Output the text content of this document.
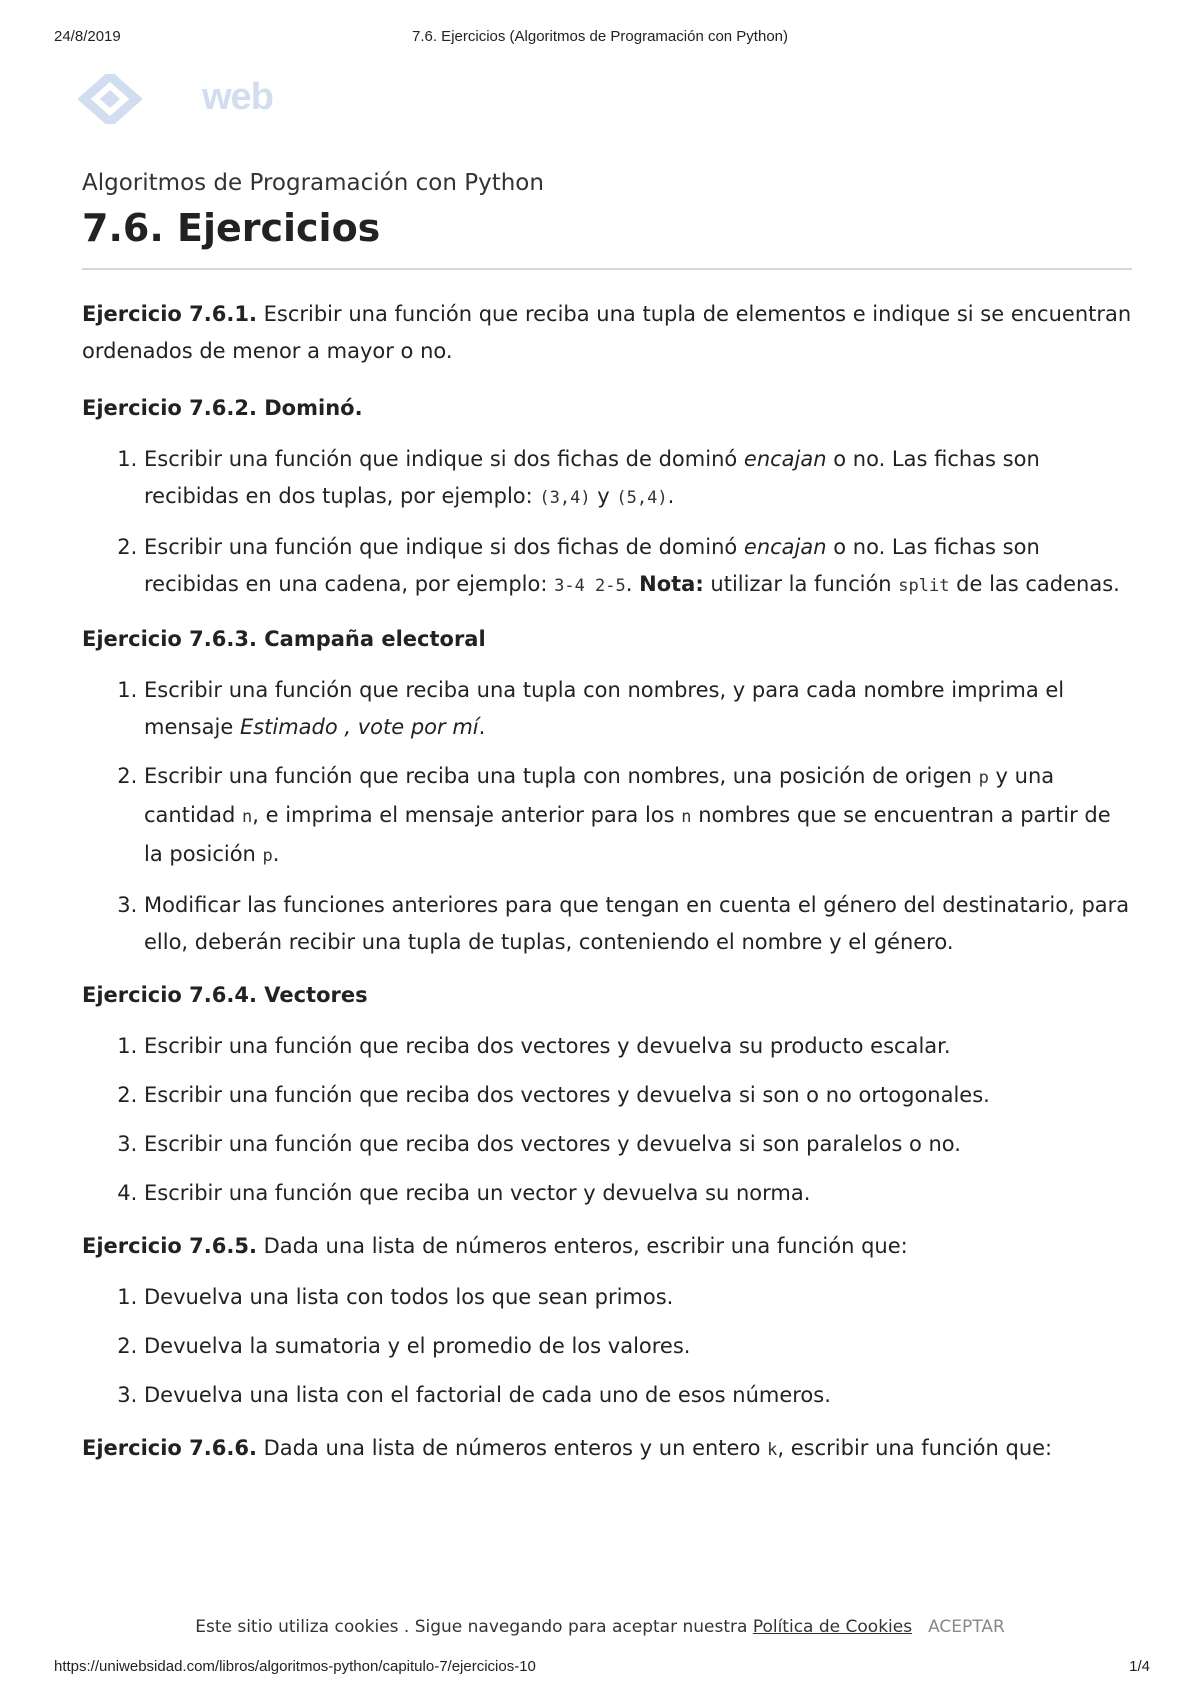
24/8/2019	7.6. Ejercicios (Algoritmos de Programación con Python)
web
Algoritmos de Programación con Python
7.6. Ejercicios

Ejercicio 7.6.1. Escribir una función que reciba una tupla de elementos e indique si se encuentran ordenados de menor a mayor o no.

Ejercicio 7.6.2. Dominó.

1. Escribir una función que indique si dos fichas de dominó encajan o no. Las fichas son recibidas en dos tuplas, por ejemplo: (3,4) y (5,4).
2. Escribir una función que indique si dos fichas de dominó encajan o no. Las fichas son recibidas en una cadena, por ejemplo: 3-4 2-5. Nota: utilizar la función split de las cadenas.

Ejercicio 7.6.3. Campaña electoral

1. Escribir una función que reciba una tupla con nombres, y para cada nombre imprima el mensaje Estimado , vote por mí.
2. Escribir una función que reciba una tupla con nombres, una posición de origen p y una cantidad n, e imprima el mensaje anterior para los n nombres que se encuentran a partir de la posición p.
3. Modificar las funciones anteriores para que tengan en cuenta el género del destinatario, para ello, deberán recibir una tupla de tuplas, conteniendo el nombre y el género.

Ejercicio 7.6.4. Vectores

1. Escribir una función que reciba dos vectores y devuelva su producto escalar.
2. Escribir una función que reciba dos vectores y devuelva si son o no ortogonales.
3. Escribir una función que reciba dos vectores y devuelva si son paralelos o no.
4. Escribir una función que reciba un vector y devuelva su norma.

Ejercicio 7.6.5. Dada una lista de números enteros, escribir una función que:

1. Devuelva una lista con todos los que sean primos.
2. Devuelva la sumatoria y el promedio de los valores.
3. Devuelva una lista con el factorial de cada uno de esos números.

Ejercicio 7.6.6. Dada una lista de números enteros y un entero k, escribir una función que:

Este sitio utiliza cookies . Sigue navegando para aceptar nuestra Política de Cookies ACEPTAR
https://uniwebsidad.com/libros/algoritmos-python/capitulo-7/ejercicios-10	1/4
